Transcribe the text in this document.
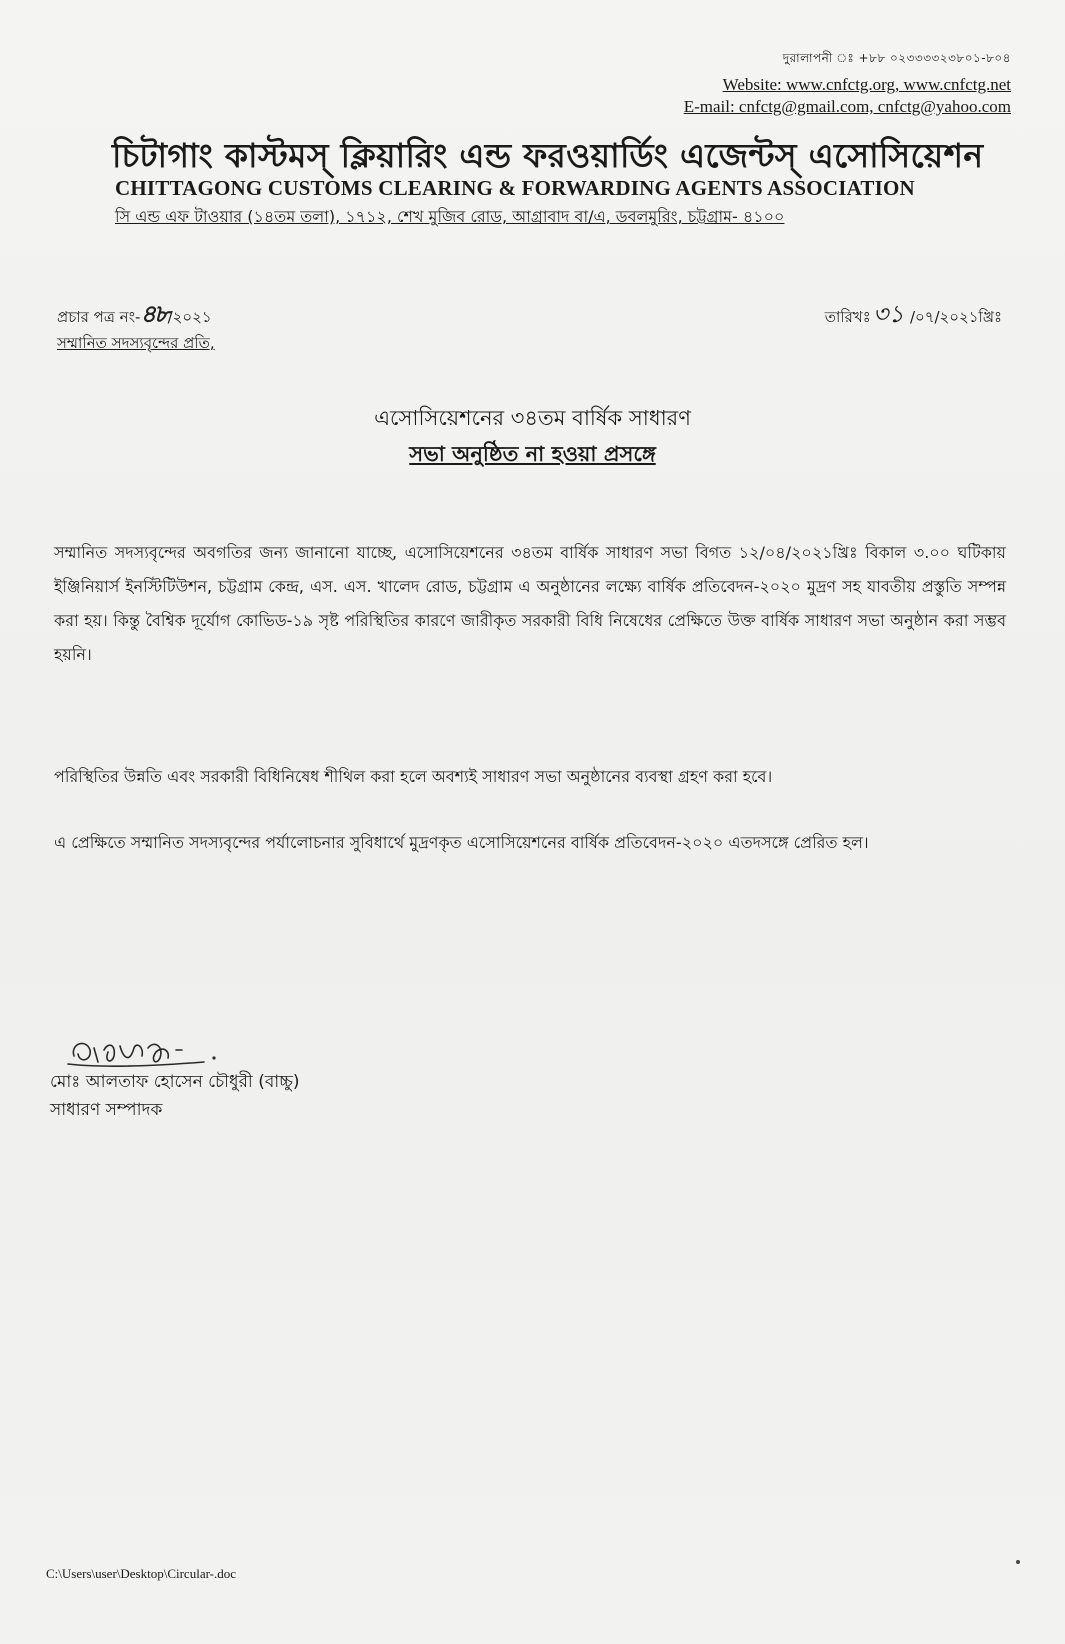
দুরালাপনী ঃ +৮৮ ০২৩৩৩৩২৩৮০১-৮০৪
Website: www.cnfctg.org, www.cnfctg.net
E-mail: cnfctg@gmail.com, cnfctg@yahoo.com
চিটাগাং কাস্টমস্ ক্লিয়ারিং এন্ড ফরওয়ার্ডিং এজেন্টস্ এসোসিয়েশন
CHITTAGONG CUSTOMS CLEARING & FORWARDING AGENTS ASSOCIATION
সি এন্ড এফ টাওয়ার (১৪তম তলা), ১৭১২, শেখ মুজিব রোড, আগ্রাবাদ বা/এ, ডবলমুরিং, চট্টগ্রাম- ৪১০০
প্রচার পত্র নং-৪৮/২০২১	তারিখঃ৩১ /০৭/২০২১খ্রিঃ
সম্মানিত সদস্যবৃন্দের প্রতি,
এসোসিয়েশনের ৩৪তম বার্ষিক সাধারণ
সভা অনুষ্ঠিত না হওয়া প্রসঙ্গে
সম্মানিত সদস্যবৃন্দের অবগতির জন্য জানানো যাচ্ছে, এসোসিয়েশনের ৩৪তম বার্ষিক সাধারণ সভা বিগত ১২/০৪/২০২১খ্রিঃ বিকাল ৩.০০ ঘটিকায় ইঞ্জিনিয়ার্স ইনস্টিটিউশন, চট্টগ্রাম কেন্দ্র, এস. এস. খালেদ রোড, চট্টগ্রাম এ অনুষ্ঠানের লক্ষ্যে বার্ষিক প্রতিবেদন-২০২০ মুদ্রণ সহ যাবতীয় প্রস্তুতি সম্পন্ন করা হয়। কিন্তু বৈশ্বিক দূর্যোগ কোভিড-১৯ সৃষ্ট পরিস্থিতির কারণে জারীকৃত সরকারী বিধি নিষেধের প্রেক্ষিতে উক্ত বার্ষিক সাধারণ সভা অনুষ্ঠান করা সম্ভব হয়নি।
পরিস্থিতির উন্নতি এবং সরকারী বিধিনিষেধ শীথিল করা হলে অবশ্যই সাধারণ সভা অনুষ্ঠানের ব্যবস্থা গ্রহণ করা হবে।
এ প্রেক্ষিতে সম্মানিত সদস্যবৃন্দের পর্যালোচনার সুবিধার্থে মুদ্রণকৃত এসোসিয়েশনের বার্ষিক প্রতিবেদন-২০২০ এতদসঙ্গে প্রেরিত হল।
মোঃ আলতাফ হোসেন চৌধুরী (বাচ্চু)
সাধারণ সম্পাদক
C:\Users\user\Desktop\Circular-.doc
